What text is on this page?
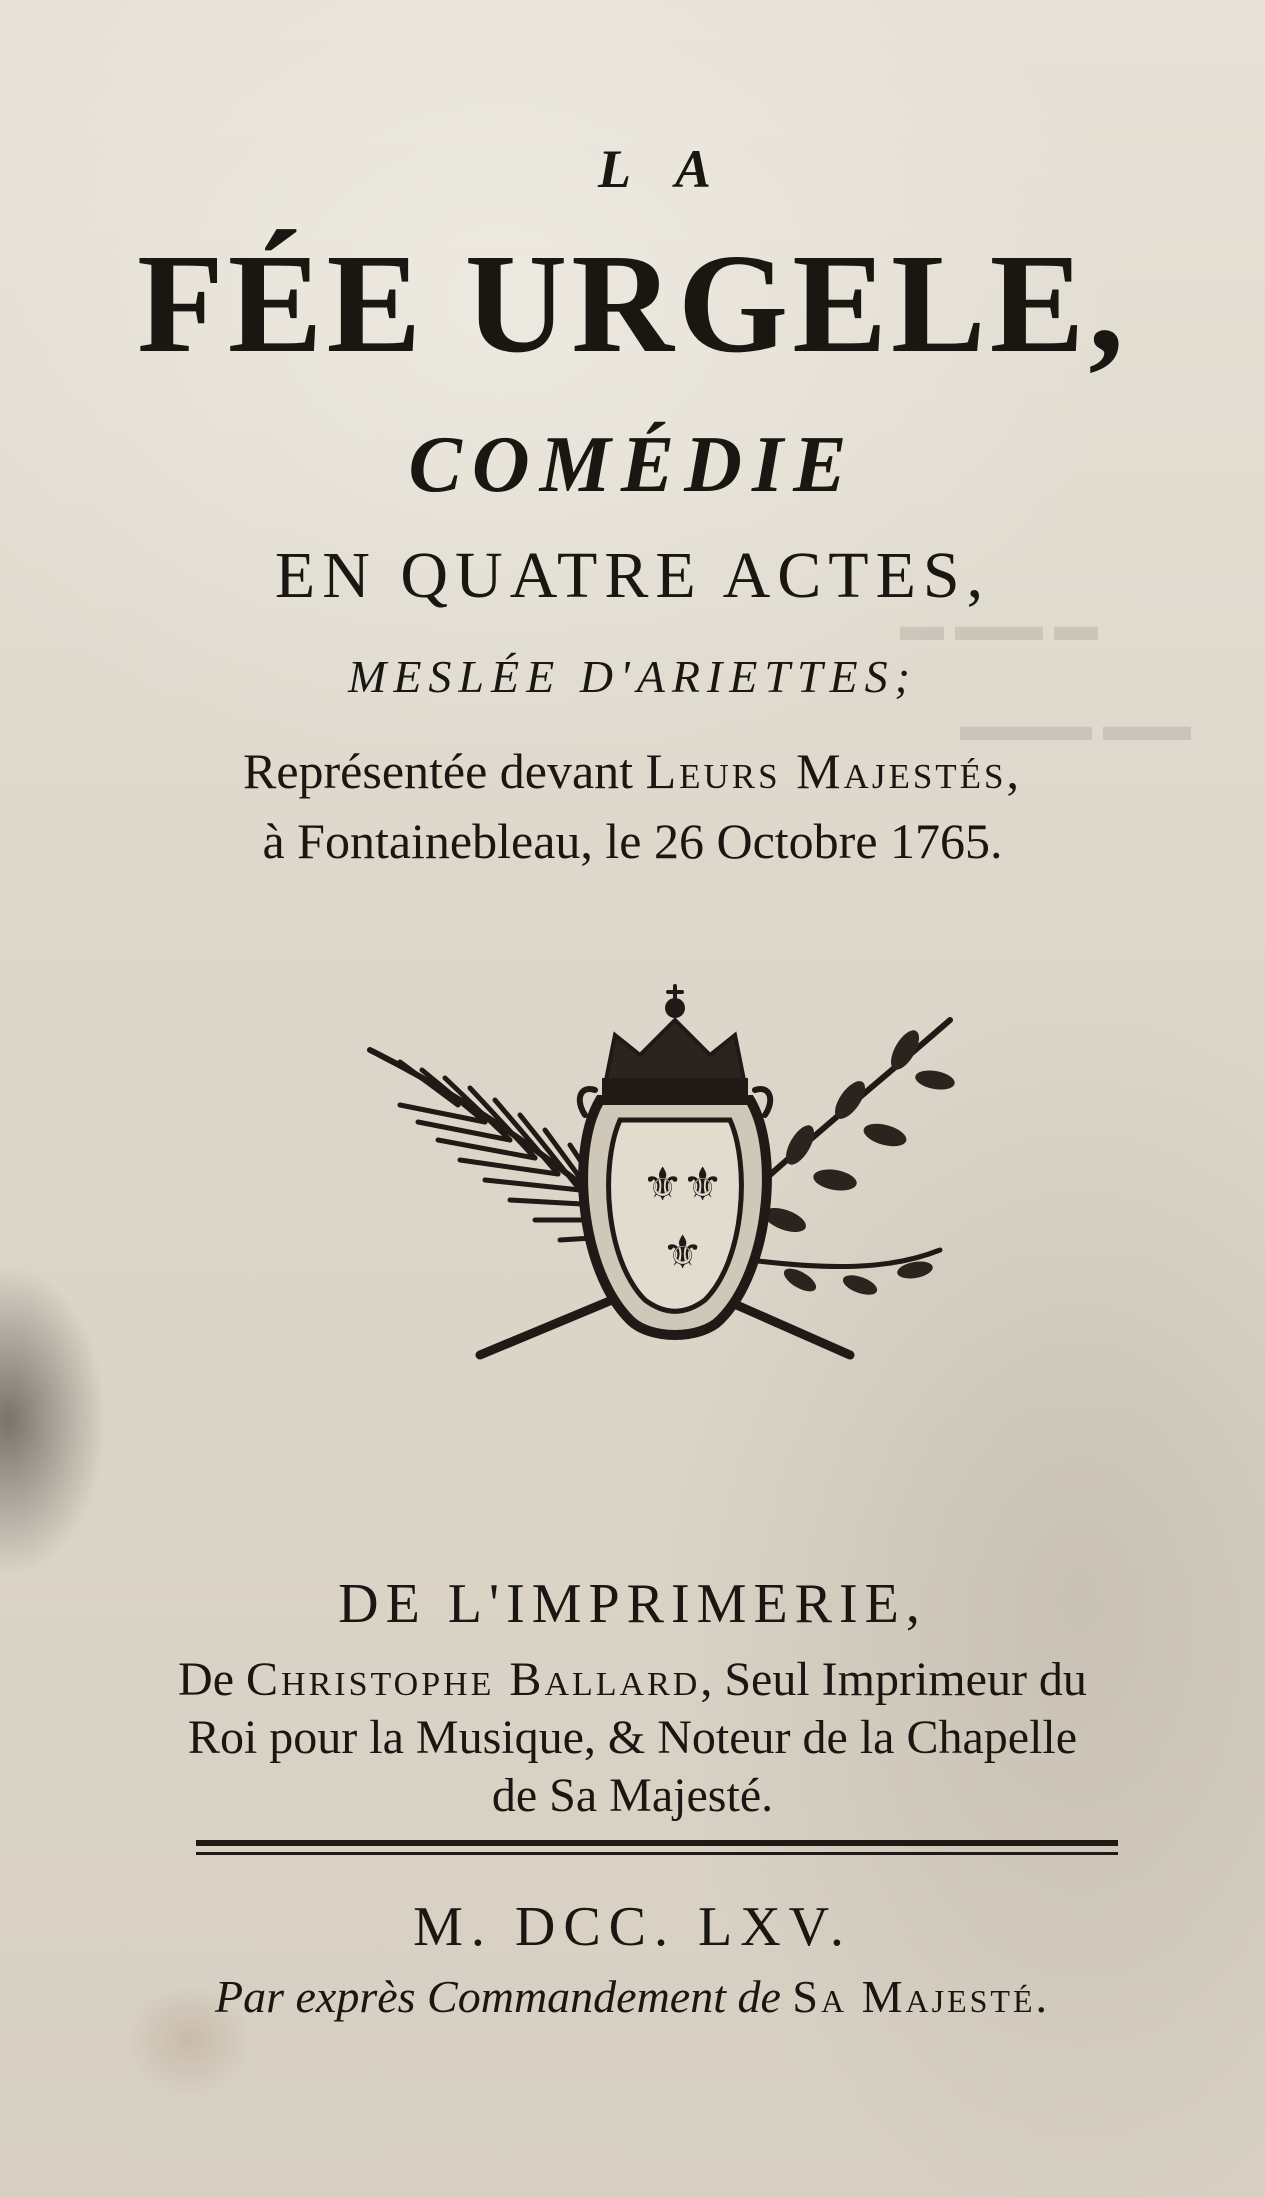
▬ ▬▬ ▬
▬▬▬ ▬▬
LA
FÉE URGELE,
COMÉDIE
EN QUATRE ACTES,
MESLÉE D'ARIETTES;
Représentée devant Leurs Majestés,
à Fontainebleau, le 26 Octobre 1765.
⚜
⚜
⚜
DE L'IMPRIMERIE,
De Christophe Ballard, Seul Imprimeur du
Roi pour la Musique, & Noteur de la Chapelle
de Sa Majesté.
M. DCC. LXV.
Par exprès Commandement de Sa Majesté.
